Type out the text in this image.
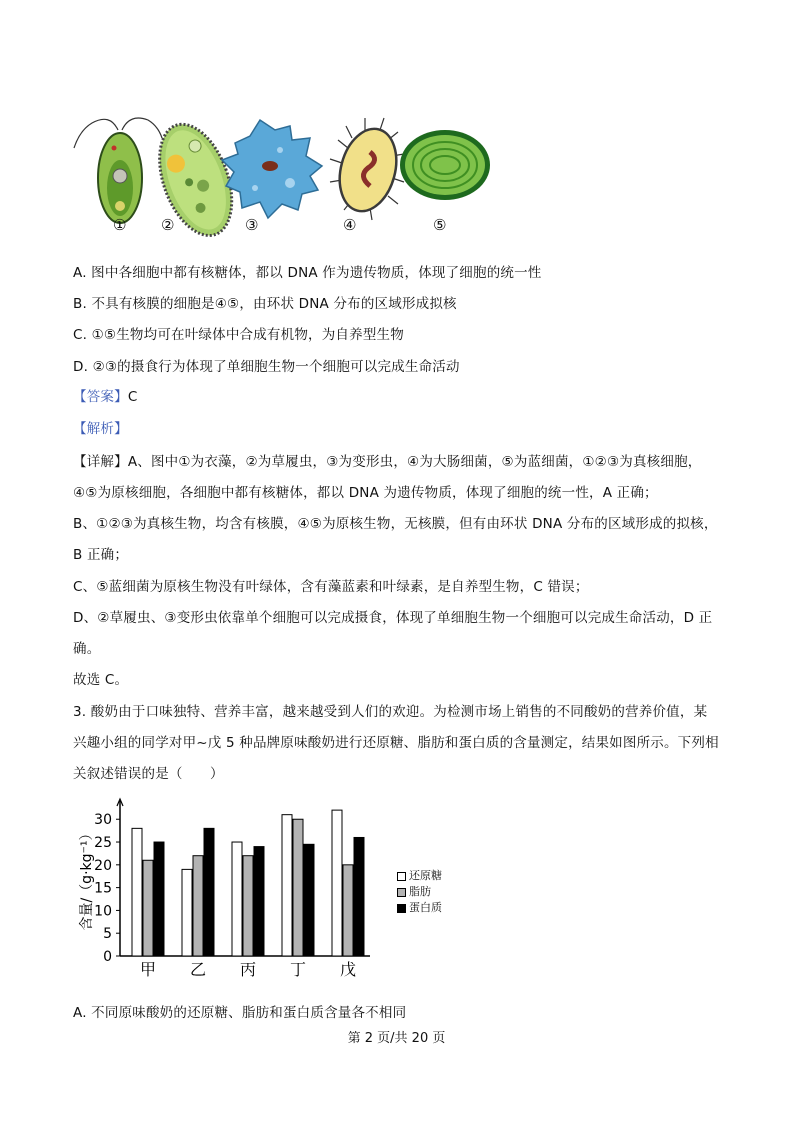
① ②	③	④	⑤
A. 图中各细胞中都有核糖体，都以 DNA 作为遗传物质，体现了细胞的统一性
B. 不具有核膜的细胞是④⑤，由环状 DNA 分布的区域形成拟核
C. ①⑤生物均可在叶绿体中合成有机物，为自养型生物
D. ②③的摄食行为体现了单细胞生物一个细胞可以完成生命活动
【答案】C
【解析】
【详解】A、图中①为衣藻，②为草履虫，③为变形虫，④为大肠细菌，⑤为蓝细菌，①②③为真核细胞，
④⑤为原核细胞，各细胞中都有核糖体，都以 DNA 为遗传物质，体现了细胞的统一性，A 正确；
B、①②③为真核生物，均含有核膜，④⑤为原核生物，无核膜，但有由环状 DNA 分布的区域形成的拟核，
B 正确；
C、⑤蓝细菌为原核生物没有叶绿体，含有藻蓝素和叶绿素，是自养型生物，C 错误；
D、②草履虫、③变形虫依靠单个细胞可以完成摄食，体现了单细胞生物一个细胞可以完成生命活动，D 正
确。
故选 C。
3. 酸奶由于口味独特、营养丰富，越来越受到人们的欢迎。为检测市场上销售的不同酸奶的营养价值，某
兴趣小组的同学对甲~戊 5 种品牌原味酸奶进行还原糖、脂肪和蛋白质的含量测定，结果如图所示。下列相
关叙述错误的是（　　）
0
5
10
15
20
25
30
含量/（g·kg⁻¹）
甲 乙 丙 丁 戊
还原糖
脂肪
蛋白质
A. 不同原味酸奶的还原糖、脂肪和蛋白质含量各不相同
第 2 页/共 20 页
